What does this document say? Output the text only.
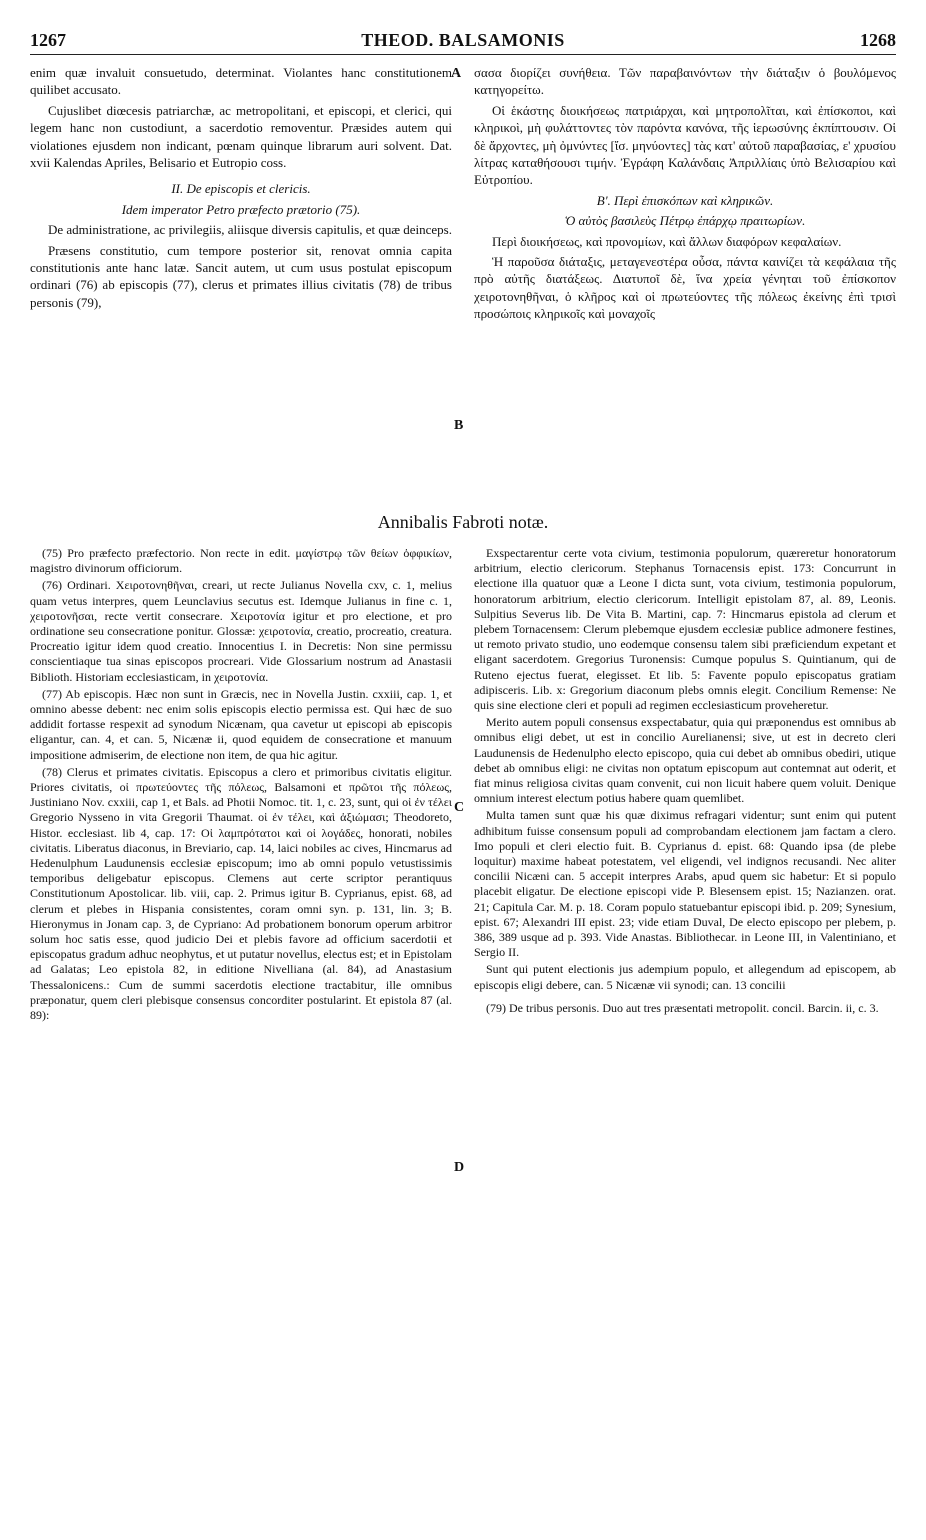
1267	THEOD. BALSAMONIS	1268

enim quæ invaluit consuetudo, determinat. Violantes hanc constitutionem quilibet accusato.

Cujuslibet diœcesis patriarchæ, ac metropolitani, et episcopi, et clerici, qui legem hanc non custodiunt, a sacerdotio removentur. Præsides autem qui violationes ejusdem non indicant, pœnam quinque librarum auri solvent. Dat. xvii Kalendas Apriles, Belisario et Eutropio coss.

II. De episcopis et clericis.

Idem imperator Petro præfecto prætorio (75).

De administratione, ac privilegiis, aliisque diversis capitulis, et quæ deinceps.

Præsens constitutio, cum tempore posterior sit, renovat omnia capita constitutionis ante hanc latæ. Sancit autem, ut cum usus postulat episcopum ordinari (76) ab episcopis (77), clerus et primates illius civitatis (78) de tribus personis (79),

σασα διορίζει συνήθεια. Τῶν παραβαινόντων τὴν διάταξιν ὁ βουλόμενος κατηγορείτω.

Οἱ ἑκάστης διοικήσεως πατριάρχαι, καὶ μητροπολῖται, καὶ ἐπίσκοποι, καὶ κληρικοὶ, μὴ φυλάττοντες τὸν παρόντα κανόνα, τῆς ἱερωσύνης ἐκπίπτουσιν. Οἱ δὲ ἄρχοντες, μὴ ὀμνύντες [ἴσ. μηνύοντες] τὰς κατ' αὐτοῦ παραβασίας, ε' χρυσίου λίτρας καταθήσουσι τιμήν. Ἐγράφη Καλάνδαις Ἀπριλλίαις ὑπὸ Βελισαρίου καὶ Εὐτροπίου.

Β'. Περὶ ἐπισκόπων καὶ κληρικῶν.

Ὁ αὐτὸς βασιλεὺς Πέτρῳ ἐπάρχῳ πραιτωρίων.

Περὶ διοικήσεως, καὶ προνομίων, καὶ ἄλλων διαφόρων κεφαλαίων.

Ἡ παροῦσα διάταξις, μεταγενεστέρα οὖσα, πάντα καινίζει τὰ κεφάλαια τῆς πρὸ αὐτῆς διατάξεως. Διατυποῖ δὲ, ἵνα χρεία γένηται τοῦ ἐπίσκοπον χειροτονηθῆναι, ὁ κλῆρος καὶ οἱ πρωτεύοντες τῆς πόλεως ἐκείνης ἐπὶ τρισὶ προσώποις κληρικοῖς καὶ μοναχοῖς

A
B
Annibalis Fabroti notæ.

(75) Pro præfecto præfectorio. Non recte in edit. μαγίστρῳ τῶν θείων ὀφφικίων, magistro divinorum officiorum.

(76) Ordinari. Χειροτονηθῆναι, creari, ut recte Julianus Novella cxv, c. 1, melius quam vetus interpres, quem Leunclavius secutus est. Idemque Julianus in fine c. 1, χειροτονῆσαι, recte vertit consecrare. Χειροτονία igitur et pro electione, et pro ordinatione seu consecratione ponitur. Glossæ: χειροτονία, creatio, procreatio, creatura. Procreatio igitur idem quod creatio. Innocentius I. in Decretis: Non sine permissu conscientiaque tua sinas episcopos procreari. Vide Glossarium nostrum ad Anastasii Biblioth. Historiam ecclesiasticam, in χειροτονία.

(77) Ab episcopis. Hæc non sunt in Græcis, nec in Novella Justin. cxxiii, cap. 1, et omnino abesse debent: nec enim solis episcopis electio permissa est. Qui hæc de suo addidit fortasse respexit ad synodum Nicænam, qua cavetur ut episcopi ab episcopis eligantur, can. 4, et can. 5, Nicænæ ii, quod equidem de consecratione et manuum impositione admiserim, de electione non item, de qua hic agitur.

(78) Clerus et primates civitatis. Episcopus a clero et primoribus civitatis eligitur. Priores civitatis, οἱ πρωτεύοντες τῆς πόλεως, Balsamoni et πρῶτοι τῆς πόλεως, Justiniano Nov. cxxiii, cap 1, et Bals. ad Photii Nomoc. tit. 1, c. 23, sunt, qui οἱ ἐν τέλει Gregorio Nysseno in vita Gregorii Thaumat. οἱ ἐν τέλει, καὶ ἀξιώμασι; Theodoreto, Histor. ecclesiast. lib 4, cap. 17: Οἱ λαμπρότατοι καὶ οἱ λογάδες, honorati, nobiles civitatis. Liberatus diaconus, in Breviario, cap. 14, laici nobiles ac cives, Hincmarus ad Hedenulphum Laudunensis ecclesiæ episcopum; imo ab omni populo vetustissimis temporibus deligebatur episcopus. Clemens aut certe scriptor perantiquus Constitutionum Apostolicar. lib. viii, cap. 2. Primus igitur B. Cyprianus, epist. 68, ad clerum et plebes in Hispania consistentes, coram omni syn. p. 131, lin. 3; B. Hieronymus in Jonam cap. 3, de Cypriano: Ad probationem bonorum operum arbitror solum hoc satis esse, quod judicio Dei et plebis favore ad officium sacerdotii et episcopatus gradum adhuc neophytus, et ut putatur novellus, electus est; et in Epistolam ad Galatas; Leo epistola 82, in editione Nivelliana (al. 84), ad Anastasium Thessalonicens.: Cum de summi sacerdotis electione tractabitur, ille omnibus præponatur, quem cleri plebisque consensus concorditer postularint. Et epistola 87 (al. 89):

Exspectarentur certe vota civium, testimonia populorum, quæreretur honoratorum arbitrium, electio clericorum. Stephanus Tornacensis epist. 173: Concurrunt in electione illa quatuor quæ a Leone I dicta sunt, vota civium, testimonia populorum, honoratorum arbitrium, electio clericorum. Intelligit epistolam 87, al. 89, Leonis. Sulpitius Severus lib. De Vita B. Martini, cap. 7: Hincmarus epistola ad clerum et plebem Tornacensem: Clerum plebemque ejusdem ecclesiæ publice admonere festines, ut remoto privato studio, uno eodemque consensu talem sibi præficiendum expetant et eligant sacerdotem. Gregorius Turonensis: Cumque populus S. Quintianum, qui de Ruteno ejectus fuerat, elegisset. Et lib. 5: Favente populo episcopatus gratiam adipisceris. Lib. x: Gregorium diaconum plebs omnis elegit. Concilium Remense: Ne quis sine electione cleri et populi ad regimen ecclesiasticum proveheretur.

Merito autem populi consensus exspectabatur, quia qui præponendus est omnibus ab omnibus eligi debet, ut est in concilio Aurelianensi; sive, ut est in decreto cleri Laudunensis de Hedenulpho electo episcopo, quia cui debet ab omnibus obediri, utique debet ab omnibus eligi: ne civitas non optatum episcopum aut contemnat aut oderit, et fiat minus religiosa civitas quam convenit, cui non licuit habere quem voluit. Denique omnium interest electum potius habere quam quemlibet.

Multa tamen sunt quæ his quæ diximus refragari videntur; sunt enim qui putent adhibitum fuisse consensum populi ad comprobandam electionem jam factam a clero. Imo populi et cleri electio fuit. B. Cyprianus d. epist. 68: Quando ipsa (de plebe loquitur) maxime habeat potestatem, vel eligendi, vel indignos recusandi. Nec aliter concilii Nicæni can. 5 accepit interpres Arabs, apud quem sic habetur: Et si populo placebit eligatur. De electione episcopi vide P. Blesensem epist. 15; Nazianzen. orat. 21; Capitula Car. M. p. 18. Coram populo statuebantur episcopi ibid. p. 209; Synesium, epist. 67; Alexandri III epist. 23; vide etiam Duval, De electo episcopo per plebem, p. 386, 389 usque ad p. 393. Vide Anastas. Bibliothecar. in Leone III, in Valentiniano, et Sergio II.

Sunt qui putent electionis jus adempium populo, et allegendum ad episcopem, ab episcopis eligi debere, can. 5 Nicænæ vii synodi; can. 13 concilii

(79) De tribus personis. Duo aut tres præsentati metropolit. concil. Barcin. ii, c. 3.

C
D
